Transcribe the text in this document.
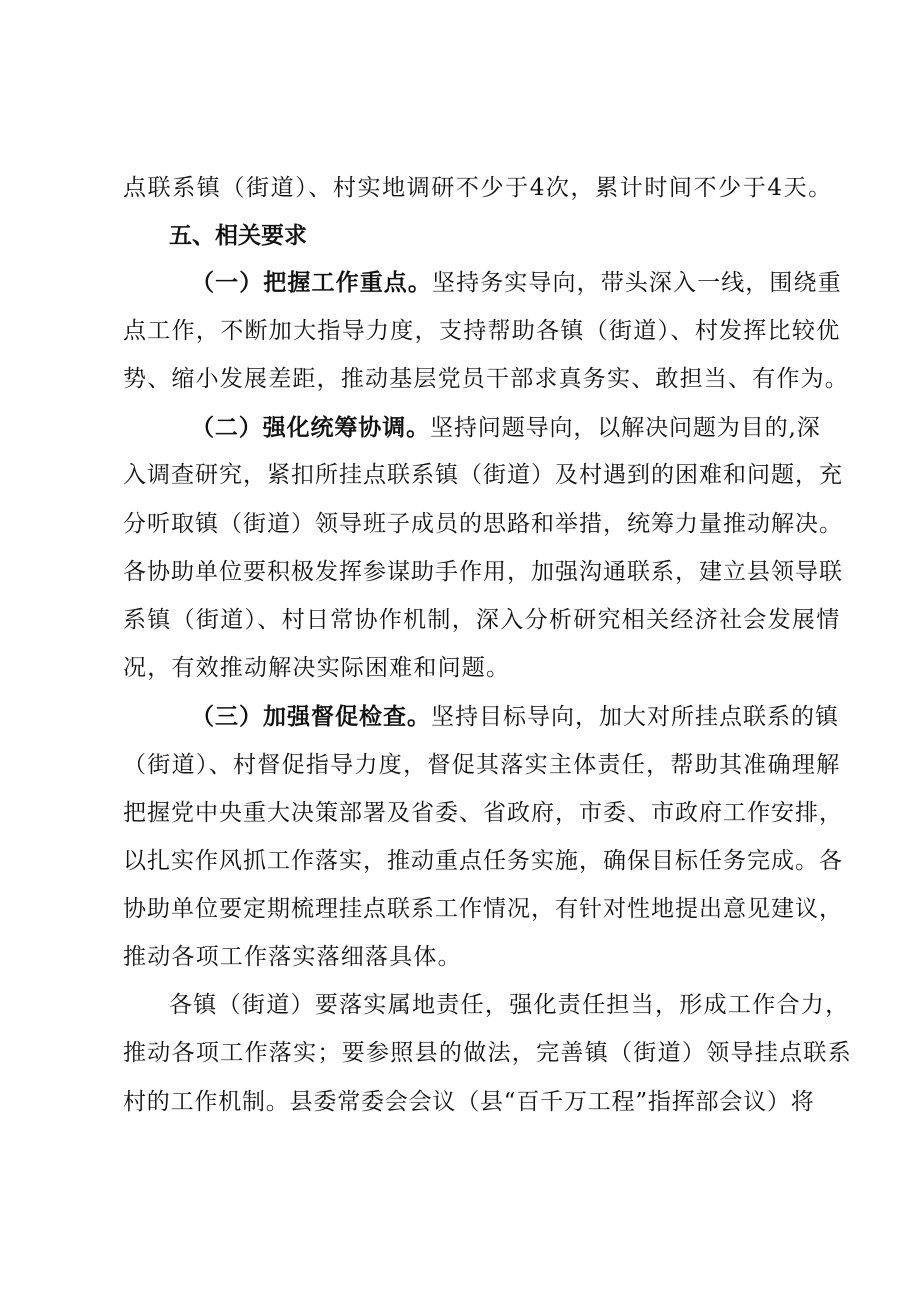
点联系镇（街道）、村实地调研不少于4次，累计时间不少于4天。
五、相关要求
（一）把握工作重点。坚持务实导向，带头深入一线，围绕重
点工作，不断加大指导力度，支持帮助各镇（街道）、村发挥比较优
势、缩小发展差距，推动基层党员干部求真务实、敢担当、有作为。
（二）强化统筹协调。坚持问题导向，以解决问题为目的,深
入调查研究，紧扣所挂点联系镇（街道）及村遇到的困难和问题，充
分听取镇（街道）领导班子成员的思路和举措，统筹力量推动解决。
各协助单位要积极发挥参谋助手作用，加强沟通联系，建立县领导联
系镇（街道）、村日常协作机制，深入分析研究相关经济社会发展情
况，有效推动解决实际困难和问题。
（三）加强督促检查。坚持目标导向，加大对所挂点联系的镇
（街道）、村督促指导力度，督促其落实主体责任，帮助其准确理解
把握党中央重大决策部署及省委、省政府，市委、市政府工作安排，
以扎实作风抓工作落实，推动重点任务实施，确保目标任务完成。各
协助单位要定期梳理挂点联系工作情况，有针对性地提出意见建议，
推动各项工作落实落细落具体。
各镇（街道）要落实属地责任，强化责任担当，形成工作合力，
推动各项工作落实；要参照县的做法，完善镇（街道）领导挂点联系
村的工作机制。县委常委会会议（县“百千万工程”指挥部会议）将
